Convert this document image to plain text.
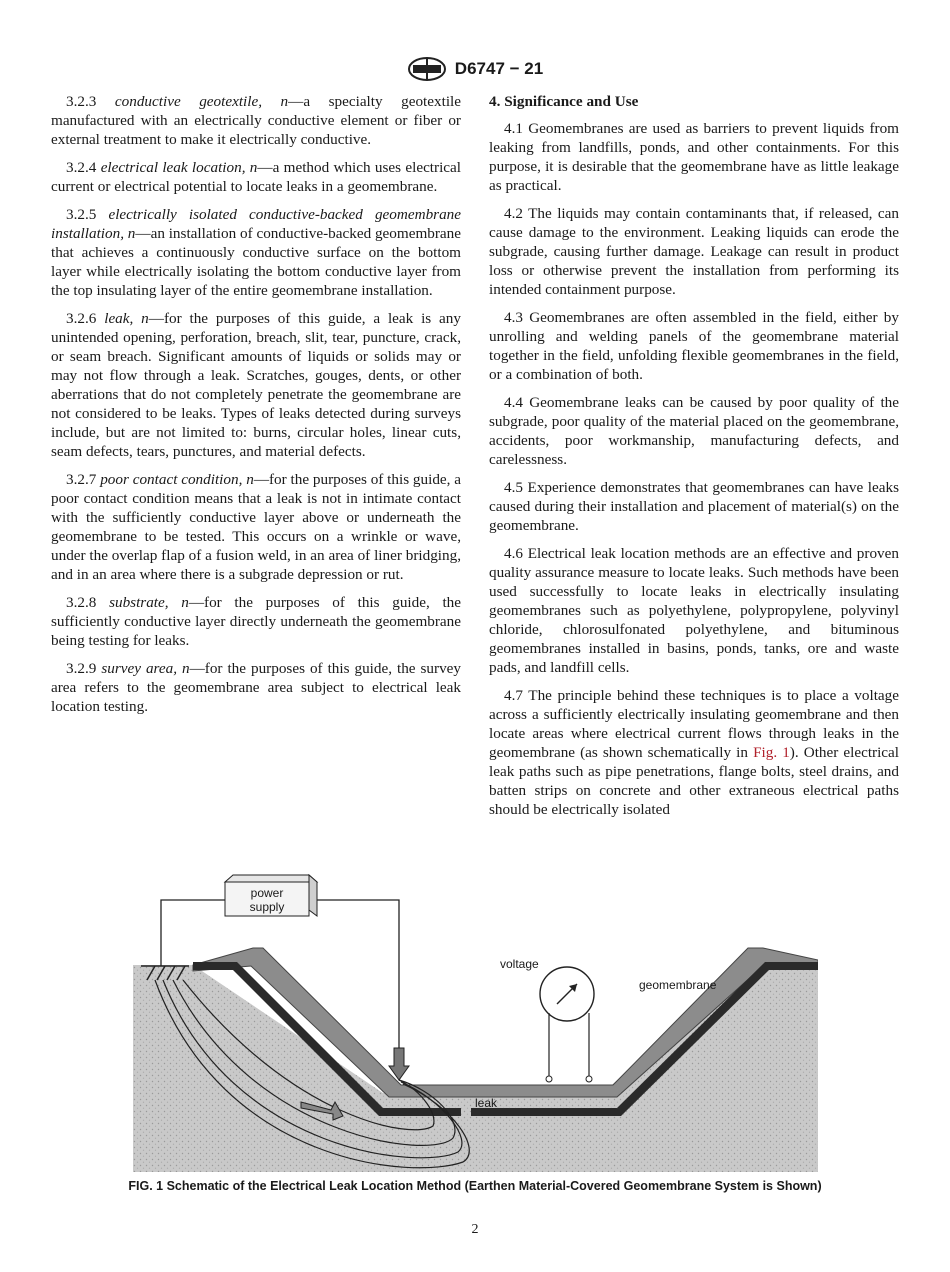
D6747 − 21

3.2.3 conductive geotextile, n—a specialty geotextile manufactured with an electrically conductive element or fiber or external treatment to make it electrically conductive.

3.2.4 electrical leak location, n—a method which uses electrical current or electrical potential to locate leaks in a geomembrane.

3.2.5 electrically isolated conductive-backed geomembrane installation, n—an installation of conductive-backed geomembrane that achieves a continuously conductive surface on the bottom layer while electrically isolating the bottom conductive layer from the top insulating layer of the entire geomembrane installation.

3.2.6 leak, n—for the purposes of this guide, a leak is any unintended opening, perforation, breach, slit, tear, puncture, crack, or seam breach. Significant amounts of liquids or solids may or may not flow through a leak. Scratches, gouges, dents, or other aberrations that do not completely penetrate the geomembrane are not considered to be leaks. Types of leaks detected during surveys include, but are not limited to: burns, circular holes, linear cuts, seam defects, tears, punctures, and material defects.

3.2.7 poor contact condition, n—for the purposes of this guide, a poor contact condition means that a leak is not in intimate contact with the sufficiently conductive layer above or underneath the geomembrane to be tested. This occurs on a wrinkle or wave, under the overlap flap of a fusion weld, in an area of liner bridging, and in an area where there is a subgrade depression or rut.

3.2.8 substrate, n—for the purposes of this guide, the sufficiently conductive layer directly underneath the geomembrane being testing for leaks.

3.2.9 survey area, n—for the purposes of this guide, the survey area refers to the geomembrane area subject to electrical leak location testing.

4. Significance and Use

4.1 Geomembranes are used as barriers to prevent liquids from leaking from landfills, ponds, and other containments. For this purpose, it is desirable that the geomembrane have as little leakage as practical.

4.2 The liquids may contain contaminants that, if released, can cause damage to the environment. Leaking liquids can erode the subgrade, causing further damage. Leakage can result in product loss or otherwise prevent the installation from performing its intended containment purpose.

4.3 Geomembranes are often assembled in the field, either by unrolling and welding panels of the geomembrane material together in the field, unfolding flexible geomembranes in the field, or a combination of both.

4.4 Geomembrane leaks can be caused by poor quality of the subgrade, poor quality of the material placed on the geomembrane, accidents, poor workmanship, manufacturing defects, and carelessness.

4.5 Experience demonstrates that geomembranes can have leaks caused during their installation and placement of material(s) on the geomembrane.

4.6 Electrical leak location methods are an effective and proven quality assurance measure to locate leaks. Such methods have been used successfully to locate leaks in electrically insulating geomembranes such as polyethylene, polypropylene, polyvinyl chloride, chlorosulfonated polyethylene, and bituminous geomembranes installed in basins, ponds, tanks, ore and waste pads, and landfill cells.

4.7 The principle behind these techniques is to place a voltage across a sufficiently electrically insulating geomembrane and then locate areas where electrical current flows through leaks in the geomembrane (as shown schematically in Fig. 1). Other electrical leak paths such as pipe penetrations, flange bolts, steel drains, and batten strips on concrete and other extraneous electrical paths should be electrically isolated

power
supply
voltage
geomembrane
leak
FIG. 1 Schematic of the Electrical Leak Location Method (Earthen Material-Covered Geomembrane System is Shown)
2
